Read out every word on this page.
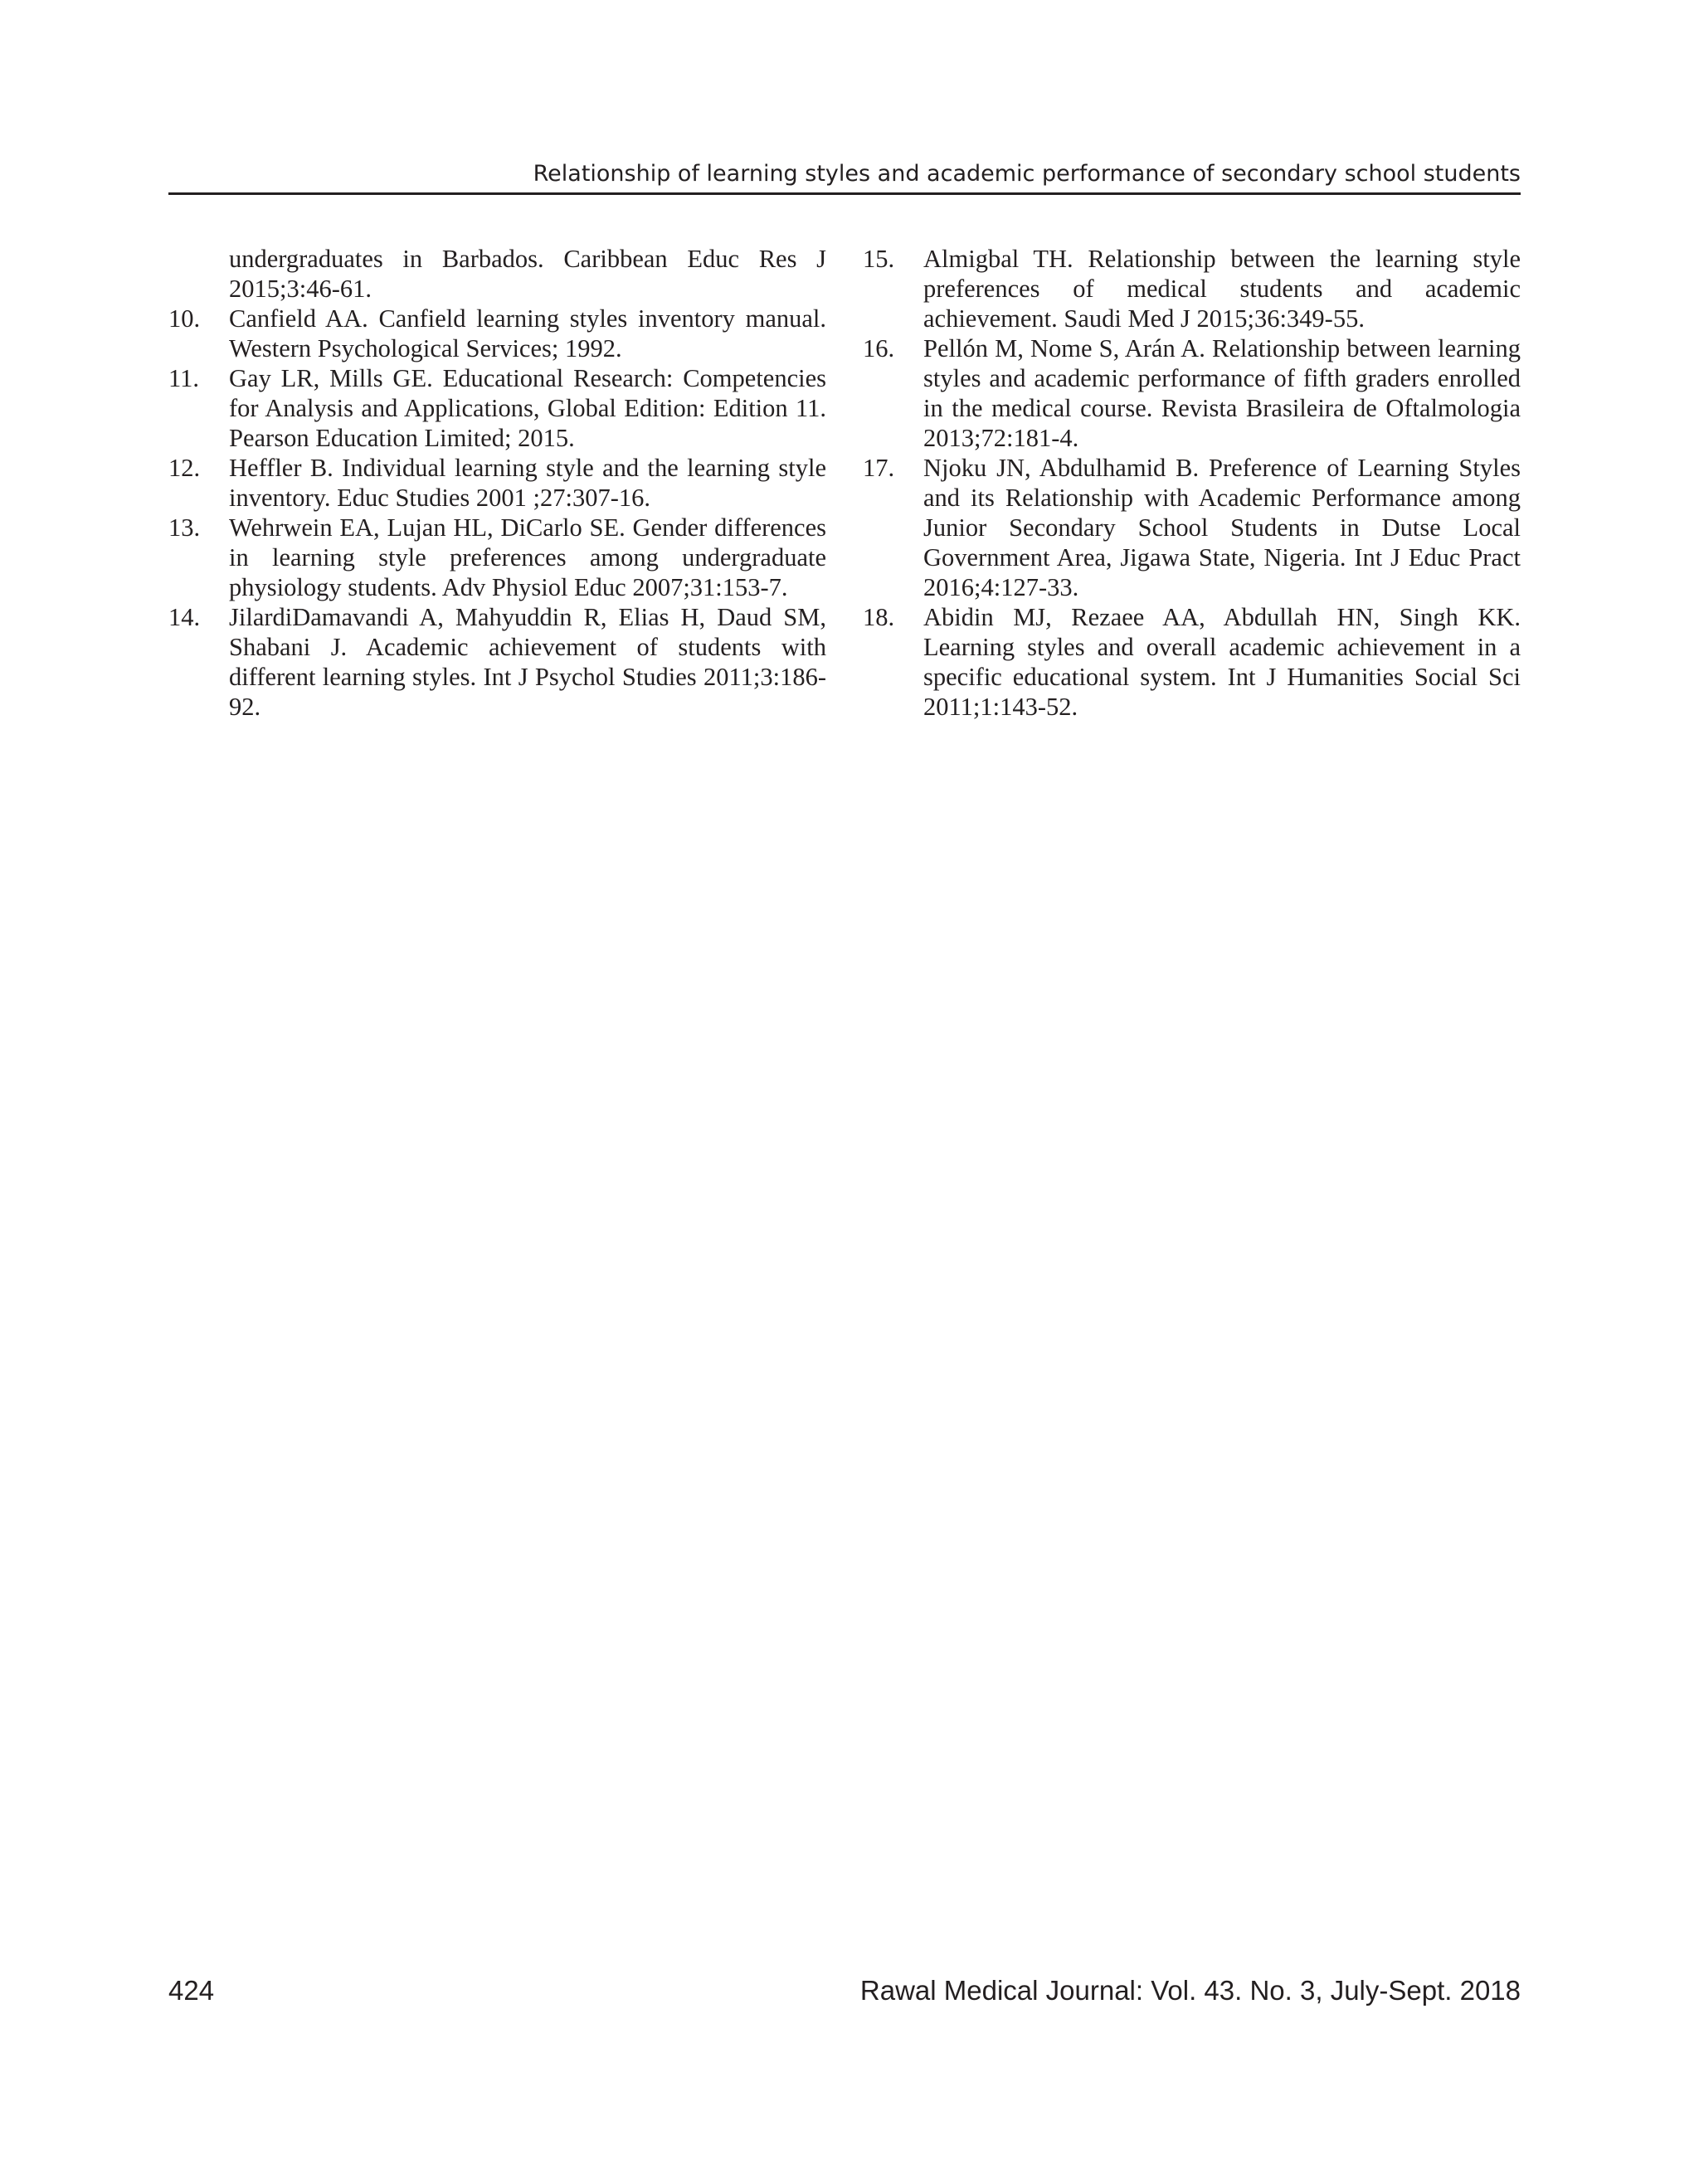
Relationship of learning styles and academic performance of secondary school students

undergraduates in Barbados. Caribbean Educ Res J 2015;3:46-61.

10. Canfield AA. Canfield learning styles inventory manual. Western Psychological Services; 1992.

11. Gay LR, Mills GE. Educational Research: Competencies for Analysis and Applications, Global Edition: Edition 11. Pearson Education Limited; 2015.

12. Heffler B. Individual learning style and the learning style inventory. Educ Studies 2001 ;27:307-16.

13. Wehrwein EA, Lujan HL, DiCarlo SE. Gender differences in learning style preferences among undergraduate physiology students. Adv Physiol Educ 2007;31:153-7.

14. JilardiDamavandi A, Mahyuddin R, Elias H, Daud SM, Shabani J. Academic achievement of students with different learning styles. Int J Psychol Studies 2011;3:186-92.

15. Almigbal TH. Relationship between the learning style preferences of medical students and academic achievement. Saudi Med J 2015;36:349-55.

16. Pellón M, Nome S, Arán A. Relationship between learning styles and academic performance of fifth graders enrolled in the medical course. Revista Brasileira de Oftalmologia 2013;72:181-4.

17. Njoku JN, Abdulhamid B. Preference of Learning Styles and its Relationship with Academic Performance among Junior Secondary School Students in Dutse Local Government Area, Jigawa State, Nigeria. Int J Educ Pract 2016;4:127-33.

18. Abidin MJ, Rezaee AA, Abdullah HN, Singh KK. Learning styles and overall academic achievement in a specific educational system. Int J Humanities Social Sci 2011;1:143-52.

424	Rawal Medical Journal: Vol. 43. No. 3, July-Sept. 2018
